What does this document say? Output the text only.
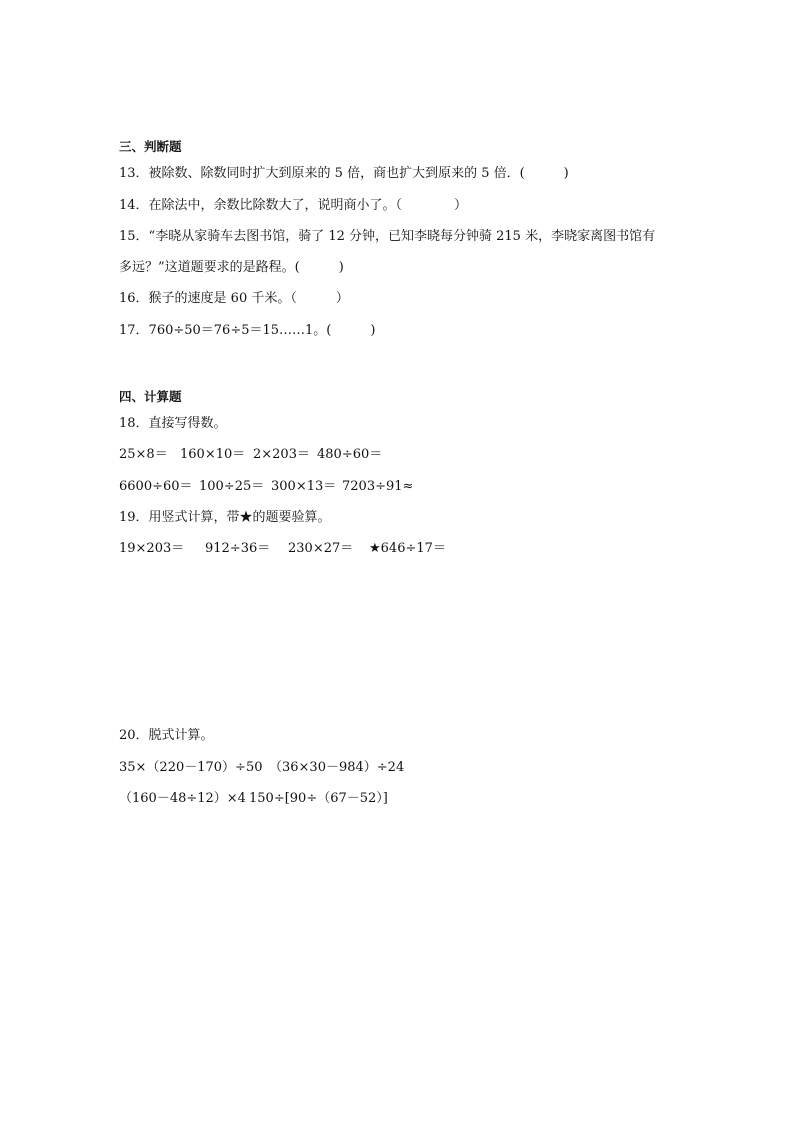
三、判断题
13．被除数、除数同时扩大到原来的 5 倍，商也扩大到原来的 5 倍．(　　　)
14．在除法中，余数比除数大了，说明商小了。（　　　　）
15．“李晓从家骑车去图书馆，骑了 12 分钟，已知李晓每分钟骑 215 米，李晓家离图书馆有
多远？”这道题要求的是路程。(　　　)
16．猴子的速度是 60 千米。（　　　）
17．760÷50＝76÷5＝15……1。(　　　)
四、计算题
18．直接写得数。
25×8＝ 160×10＝ 2×203＝ 480÷60＝
6600÷60＝ 100÷25＝ 300×13＝ 7203÷91≈
19．用竖式计算，带★的题要验算。
19×203＝	912÷36＝	230×27＝	★646÷17＝
20．脱式计算。
35×（220－170）÷50 （36×30－984）÷24
（160－48÷12）×4 150÷[90÷（67－52）]
